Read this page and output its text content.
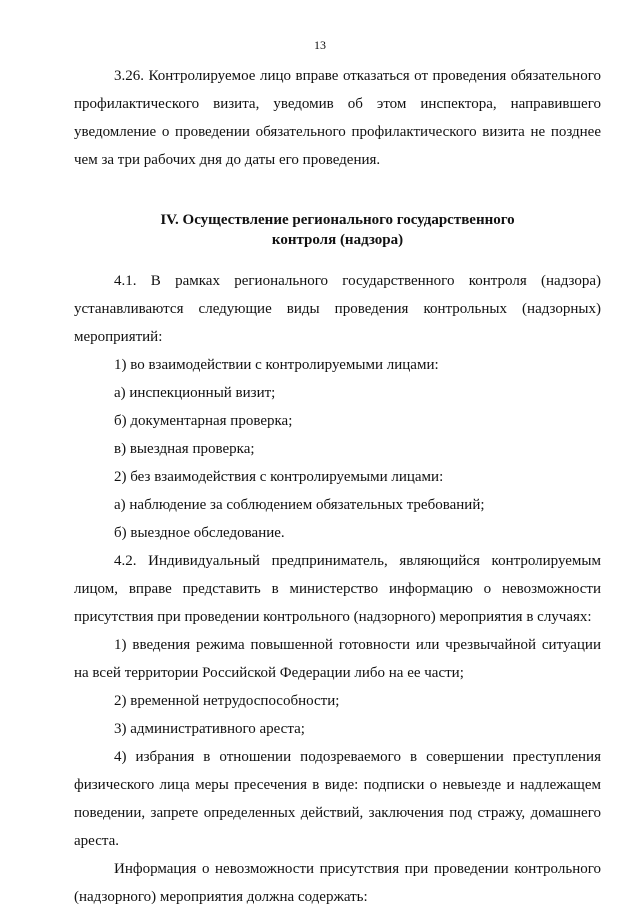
13

3.26. Контролируемое лицо вправе отказаться от проведения обязательного профилактического визита, уведомив об этом инспектора, направившего уведомление о проведении обязательного профилактического визита не позднее чем за три рабочих дня до даты его проведения.

IV. Осуществление регионального государственного
контроля (надзора)

4.1. В рамках регионального государственного контроля (надзора) устанавливаются следующие виды проведения контрольных (надзорных) мероприятий:

1) во взаимодействии с контролируемыми лицами:

а) инспекционный визит;

б) документарная проверка;

в) выездная проверка;

2) без взаимодействия с контролируемыми лицами:

а) наблюдение за соблюдением обязательных требований;

б) выездное обследование.

4.2. Индивидуальный предприниматель, являющийся контролируемым лицом, вправе представить в министерство информацию о невозможности присутствия при проведении контрольного (надзорного) мероприятия в случаях:

1) введения режима повышенной готовности или чрезвычайной ситуации на всей территории Российской Федерации либо на ее части;

2) временной нетрудоспособности;

3) административного ареста;

4) избрания в отношении подозреваемого в совершении преступления физического лица меры пресечения в виде: подписки о невыезде и надлежащем поведении, запрете определенных действий, заключения под стражу, домашнего ареста.

Информация о невозможности присутствия при проведении контрольного (надзорного) мероприятия должна содержать:
